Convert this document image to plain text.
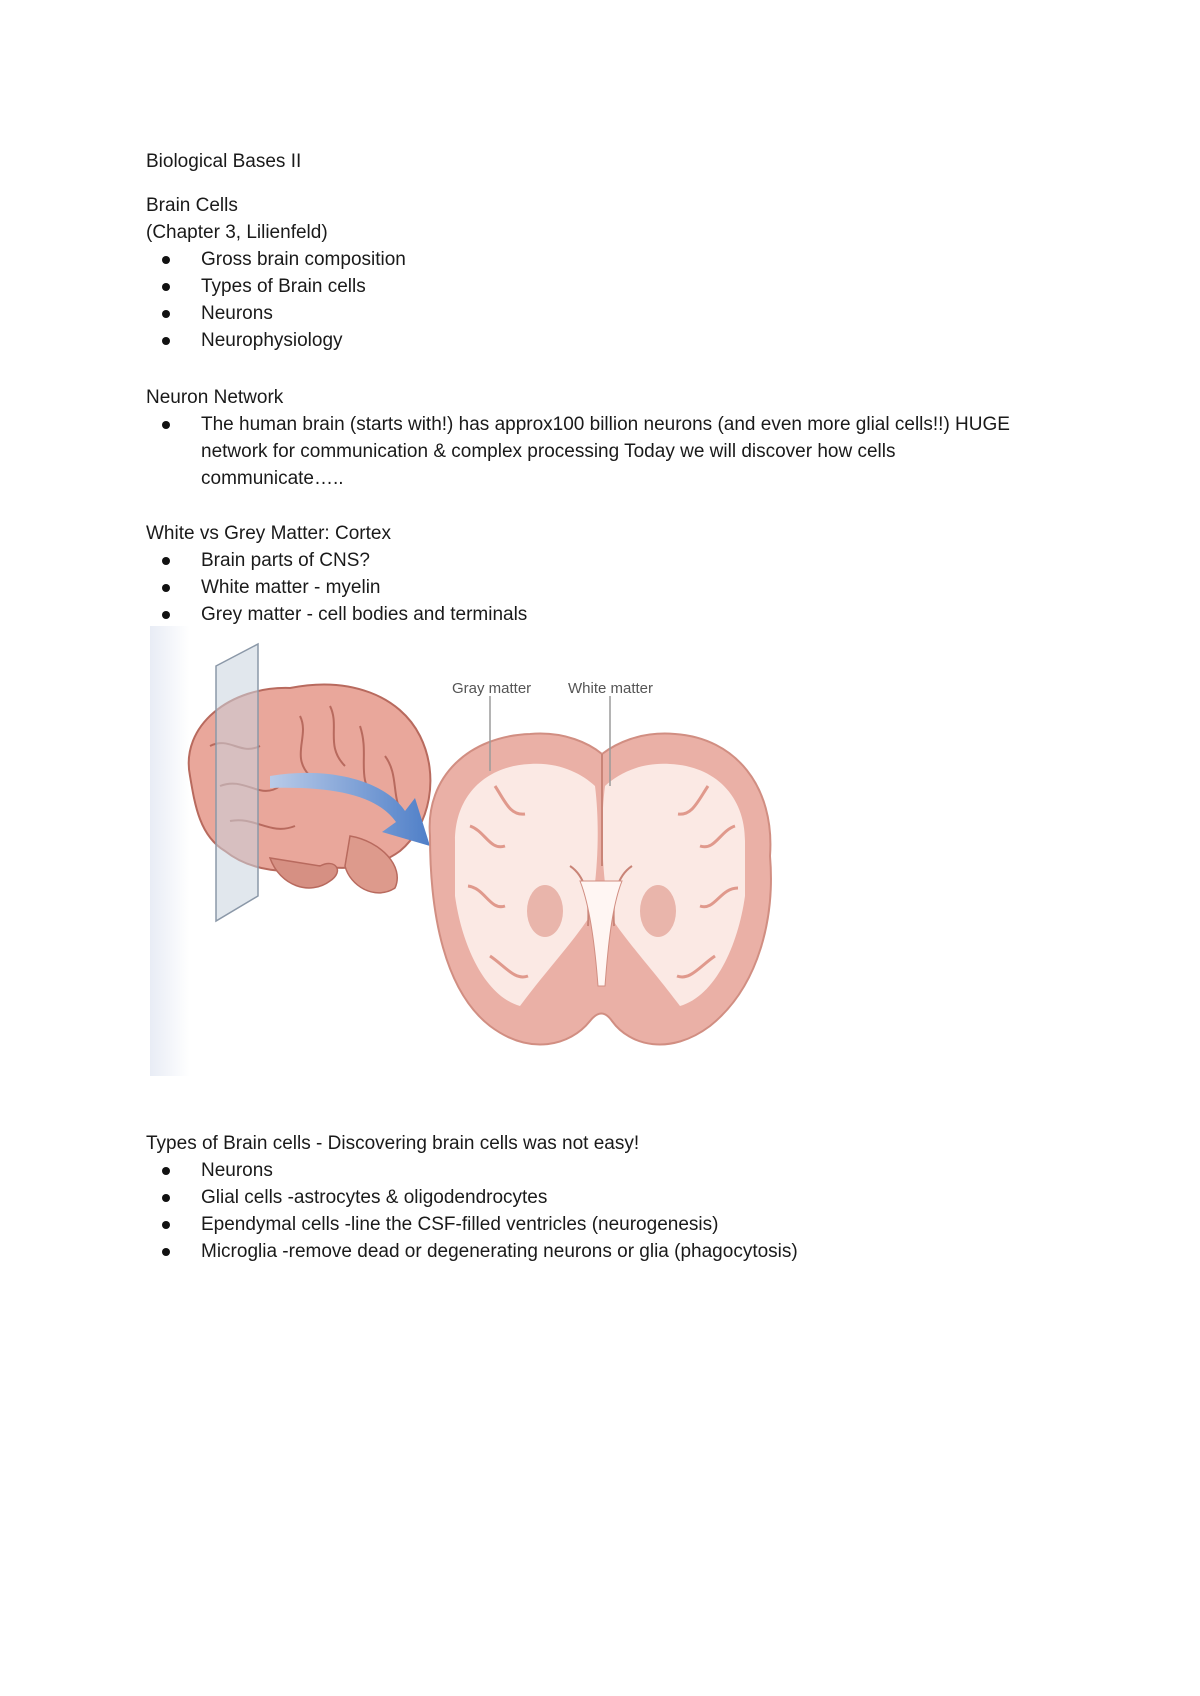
Biological Bases II

Brain Cells

(Chapter 3, Lilienfeld)

Gross brain composition
Types of Brain cells
Neurons
Neurophysiology

Neuron Network

The human brain (starts with!) has approx100 billion neurons (and even more glial cells!!) HUGE network for communication & complex processing Today we will discover how cells communicate…..

White vs Grey Matter: Cortex

Brain parts of CNS?
White matter - myelin
Grey matter - cell bodies and terminals
Gray matter White matter

Types of Brain cells - Discovering brain cells was not easy!

Neurons
Glial cells -astrocytes & oligodendrocytes
Ependymal cells -line the CSF-filled ventricles (neurogenesis)
Microglia -remove dead or degenerating neurons or glia (phagocytosis)
